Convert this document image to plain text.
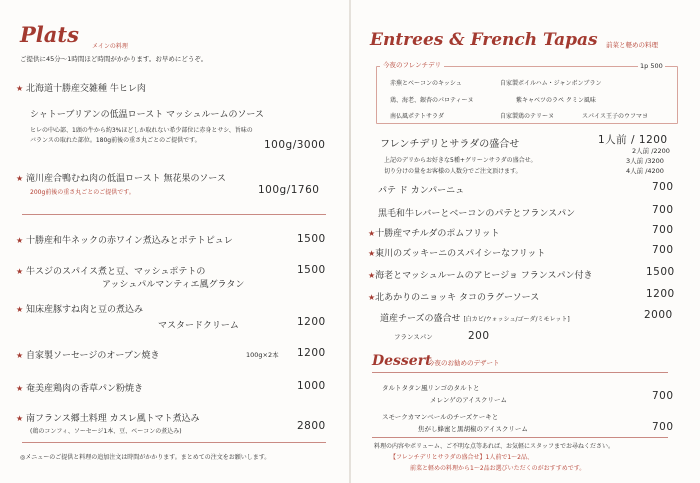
Plats メインの料理
ご提供に45分～1時間ほど時間がかかります。お早めにどうぞ。
★ 北海道十勝産交雑種 牛ヒレ肉
シャトーブリアンの低温ロースト マッシュルームのソース
ヒレの中心部、1頭の牛から約3%ほどしか取れない希少部位に赤身とサシ、旨味の
バランスの取れた部位。180g前後の重さ丸ごとのご提供です。	100g/3000
★ 滝川産合鴨むね肉の低温ロースト 無花果のソース
200g前後の重さ丸ごとのご提供です。	100g/1760
★ 十勝産和牛ネックの赤ワイン煮込みとポテトピュレ	1500
★ 牛スジのスパイス煮と豆、マッシュポテトの
アッシュパルマンティエ風グラタン
1500
★ 知床産豚すね肉と豆の煮込み
マスタードクリーム	1200
★ 自家製ソーセージのオーブン焼き	100g×2本 1200
★ 奄美産鶏肉の香草パン粉焼き	1000
★ 南フランス郷土料理 カスレ風トマト煮込み
(鶏のコンフィ、ソーセージ1本、豆、ベーコンの煮込み)	2800
◎メニューのご提供と料理の追加注文は時間がかかります。まとめての注文をお願いします。
Entrees & French Tapas 前菜と軽めの料理
今夜のフレンチデリ	1p 500
赤蕪とベーコンのキッシュ	自家製ボイルハム・ジャンボンブラン
鶏、海老、銀杏のパロティーヌ	紫キャベツのラペ クミン風味
南仏風ポテトサラダ	自家製鶏のテリーヌ	スパイス王子のウフマヨ
フレンチデリとサラダの盛合せ	1人前 / 1200
上記のデリからお好きな5種+グリーンサラダの盛合せ。
切り分けの量をお客様の人数分でご注文頂けます。
2人前 /2200
3人前 /3200
4人前 /4200
パテ ド カンパーニュ	700
黒毛和牛レバーとベーコンのパテとフランスパン	700
★十勝産マチルダのポムフリット	700
★東川のズッキーニのスパイシーなフリット	700
★海老とマッシュルームのアヒージョ フランスパン付き	1500
★北あかりのニョッキ タコのラグーソース	1200
道産チーズの盛合せ [白カビ/ウォッシュ/ゴーダ/ミモレット]	2000
フランスパン	200
Dessert
今夜のお勧めのデザート
タルトタタン風リンゴのタルトと
メレンゲのアイスクリーム	700
スモークカマンベールのチーズケーキと
焦がし蜂蜜と黒胡椒のアイスクリーム	700
料理の内容やボリューム、ご不明な点等あれば、お気軽にスタッフまでお尋ねください。
【フレンチデリとサラダの盛合せ】1人前で1〜2品、
前菜と軽めの料理から1〜2品お選びいただくのがおすすめです。
